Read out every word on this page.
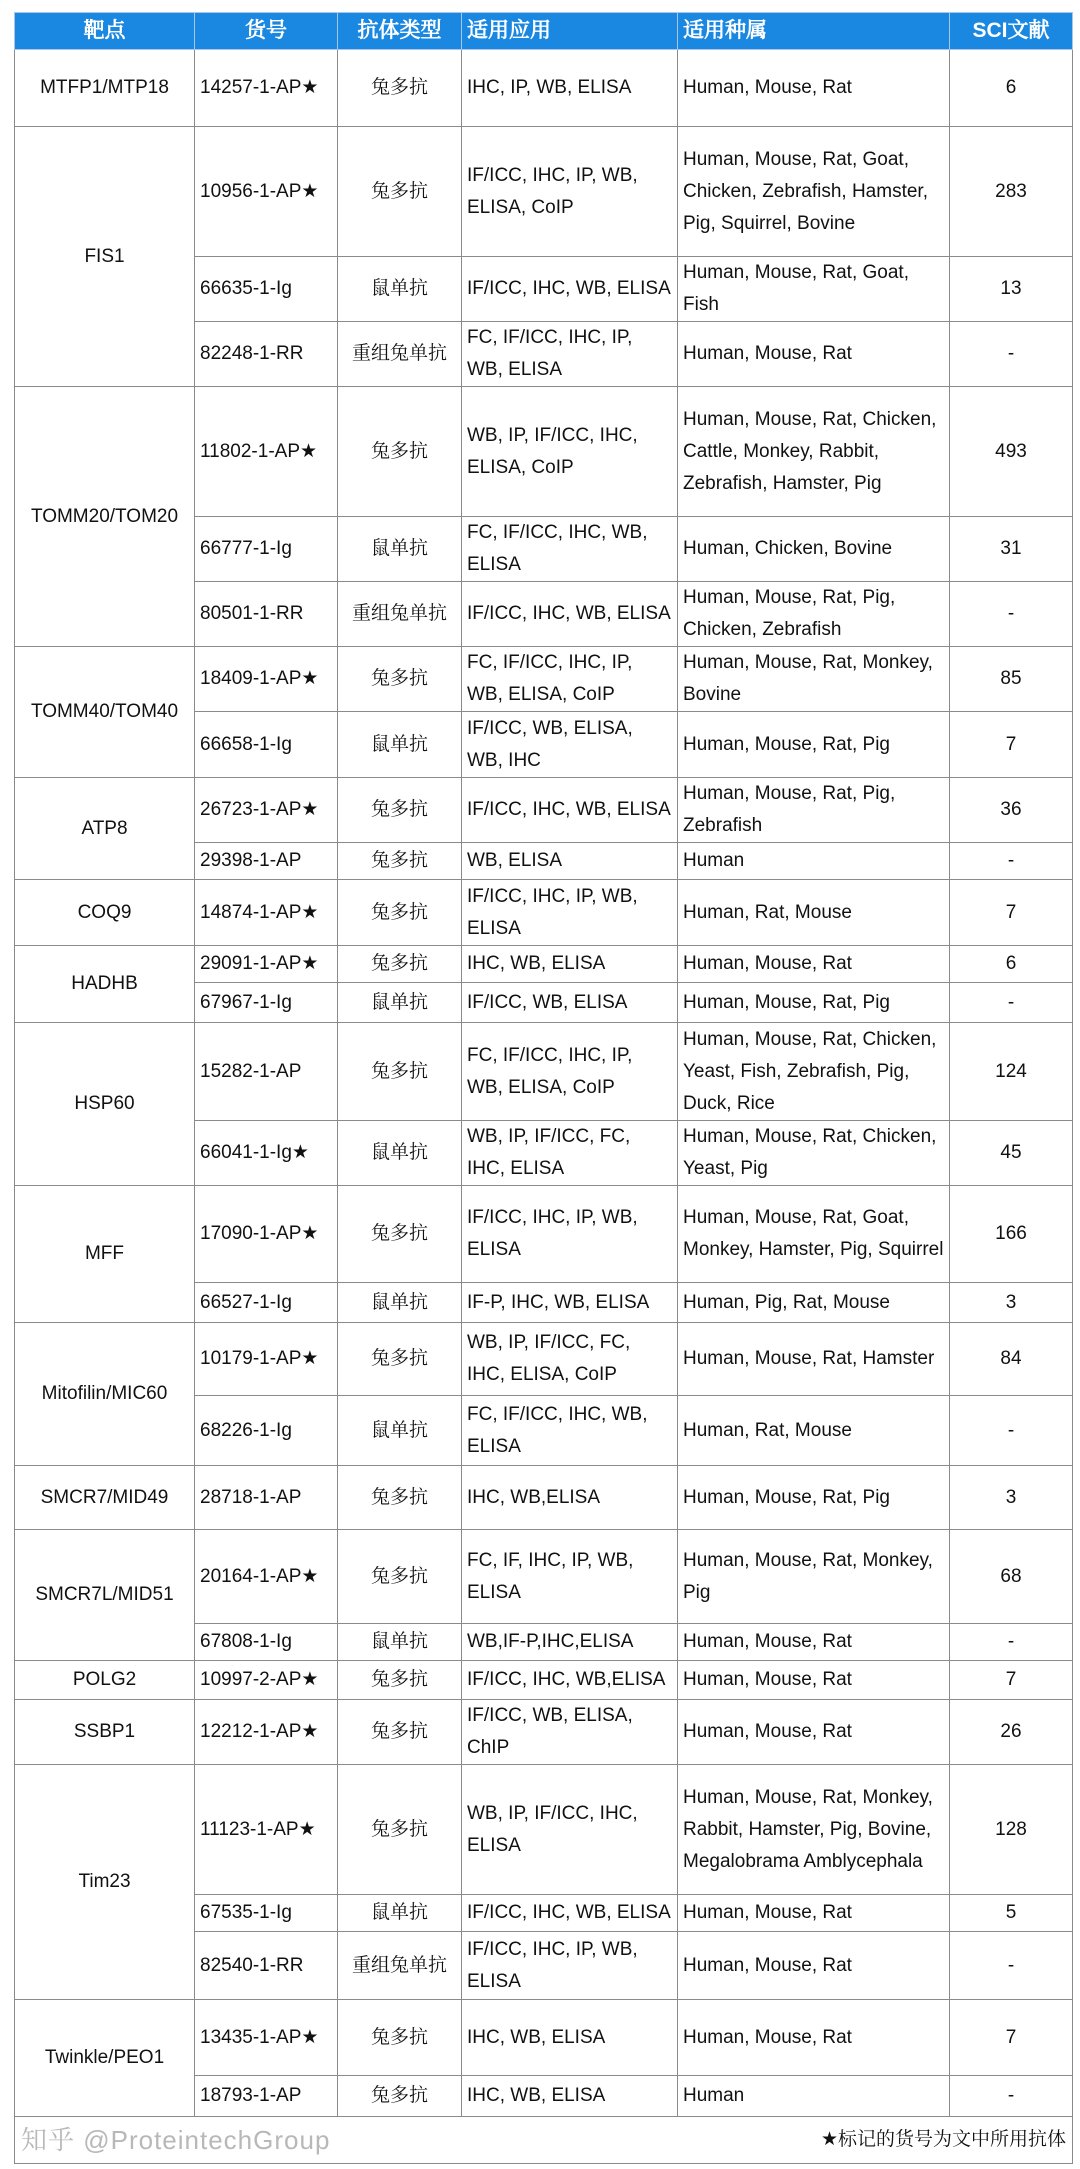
靶点	货号	抗体类型	适用应用	适用种属	SCI文献
MTFP1/MTP18	14257-1-AP★	兔多抗	IHC, IP, WB, ELISA	Human, Mouse, Rat	6
FIS1	10956-1-AP★	兔多抗	IF/ICC, IHC, IP, WB, ELISA, CoIP	Human, Mouse, Rat, Goat, Chicken, Zebrafish, Hamster, Pig, Squirrel, Bovine	283
	66635-1-Ig	鼠单抗	IF/ICC, IHC, WB, ELISA	Human, Mouse, Rat, Goat, Fish	13
	82248-1-RR	重组兔单抗	FC, IF/ICC, IHC, IP, WB, ELISA	Human, Mouse, Rat	-
TOMM20/TOM20	11802-1-AP★	兔多抗	WB, IP, IF/ICC, IHC, ELISA, CoIP	Human, Mouse, Rat, Chicken, Cattle, Monkey, Rabbit, Zebrafish, Hamster, Pig	493
	66777-1-Ig	鼠单抗	FC, IF/ICC, IHC, WB, ELISA	Human, Chicken, Bovine	31
	80501-1-RR	重组兔单抗	IF/ICC, IHC, WB, ELISA	Human, Mouse, Rat, Pig, Chicken, Zebrafish	-
TOMM40/TOM40	18409-1-AP★	兔多抗	FC, IF/ICC, IHC, IP, WB, ELISA, CoIP	Human, Mouse, Rat, Monkey, Bovine	85
	66658-1-Ig	鼠单抗	IF/ICC, WB, ELISA, WB, IHC	Human, Mouse, Rat, Pig	7
ATP8	26723-1-AP★	兔多抗	IF/ICC, IHC, WB, ELISA	Human, Mouse, Rat, Pig, Zebrafish	36
	29398-1-AP	兔多抗	WB, ELISA	Human	-
COQ9	14874-1-AP★	兔多抗	IF/ICC, IHC, IP, WB, ELISA	Human, Rat, Mouse	7
HADHB	29091-1-AP★	兔多抗	IHC, WB, ELISA	Human, Mouse, Rat	6
	67967-1-Ig	鼠单抗	IF/ICC, WB, ELISA	Human, Mouse, Rat, Pig	-
HSP60	15282-1-AP	兔多抗	FC, IF/ICC, IHC, IP, WB, ELISA, CoIP	Human, Mouse, Rat, Chicken, Yeast, Fish, Zebrafish, Pig, Duck, Rice	124
	66041-1-Ig★	鼠单抗	WB, IP, IF/ICC, FC, IHC, ELISA	Human, Mouse, Rat, Chicken, Yeast, Pig	45
MFF	17090-1-AP★	兔多抗	IF/ICC, IHC, IP, WB, ELISA	Human, Mouse, Rat, Goat, Monkey, Hamster, Pig, Squirrel	166
	66527-1-Ig	鼠单抗	IF-P, IHC, WB, ELISA	Human, Pig, Rat, Mouse	3
Mitofilin/MIC60	10179-1-AP★	兔多抗	WB, IP, IF/ICC, FC, IHC, ELISA, CoIP	Human, Mouse, Rat, Hamster	84
	68226-1-Ig	鼠单抗	FC, IF/ICC, IHC, WB, ELISA	Human, Rat, Mouse	-
SMCR7/MID49	28718-1-AP	兔多抗	IHC, WB,ELISA	Human, Mouse, Rat, Pig	3
SMCR7L/MID51	20164-1-AP★	兔多抗	FC, IF, IHC, IP, WB, ELISA	Human, Mouse, Rat, Monkey, Pig	68
	67808-1-Ig	鼠单抗	WB,IF-P,IHC,ELISA	Human, Mouse, Rat	-
POLG2	10997-2-AP★	兔多抗	IF/ICC, IHC, WB,ELISA	Human, Mouse, Rat	7
SSBP1	12212-1-AP★	兔多抗	IF/ICC, WB, ELISA, ChIP	Human, Mouse, Rat	26
Tim23	11123-1-AP★	兔多抗	WB, IP, IF/ICC, IHC, ELISA	Human, Mouse, Rat, Monkey, Rabbit, Hamster, Pig, Bovine, Megalobrama Amblycephala	128
	67535-1-Ig	鼠单抗	IF/ICC, IHC, WB, ELISA	Human, Mouse, Rat	5
	82540-1-RR	重组兔单抗	IF/ICC, IHC, IP, WB, ELISA	Human, Mouse, Rat	-
Twinkle/PEO1	13435-1-AP★	兔多抗	IHC, WB, ELISA	Human, Mouse, Rat	7
	18793-1-AP	兔多抗	IHC, WB, ELISA	Human	-

知乎 @ProteintechGroup ★标记的货号为文中所用抗体					
